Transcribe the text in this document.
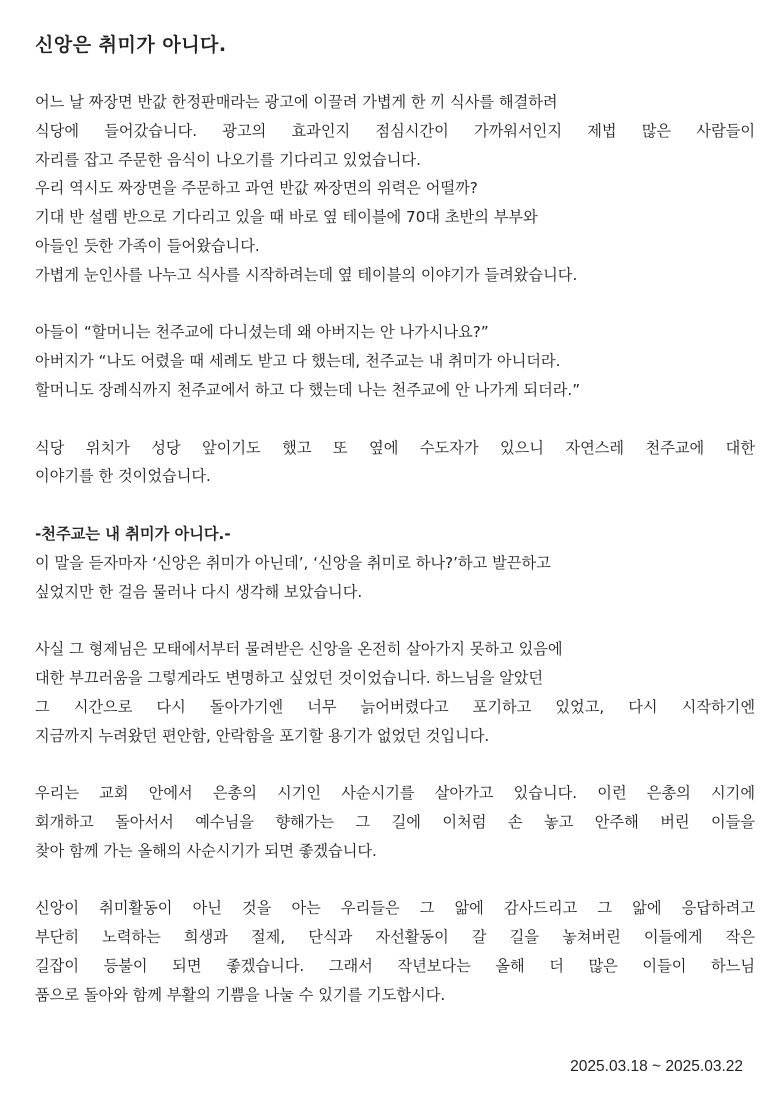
신앙은 취미가 아니다.
어느 날 짜장면 반값 한정판매라는 광고에 이끌려 가볍게 한 끼 식사를 해결하려
식당에 들어갔습니다. 광고의 효과인지 점심시간이 가까워서인지 제법 많은 사람들이
자리를 잡고 주문한 음식이 나오기를 기다리고 있었습니다.
우리 역시도 짜장면을 주문하고 과연 반값 짜장면의 위력은 어떨까?
기대 반 설렘 반으로 기다리고 있을 때 바로 옆 테이블에 70대 초반의 부부와
아들인 듯한 가족이 들어왔습니다.
가볍게 눈인사를 나누고 식사를 시작하려는데 옆 테이블의 이야기가 들려왔습니다.
아들이 “할머니는 천주교에 다니셨는데 왜 아버지는 안 나가시나요?”
아버지가 “나도 어렸을 때 세례도 받고 다 했는데, 천주교는 내 취미가 아니더라.
할머니도 장례식까지 천주교에서 하고 다 했는데 나는 천주교에 안 나가게 되더라.”
식당 위치가 성당 앞이기도 했고 또 옆에 수도자가 있으니 자연스레 천주교에 대한
이야기를 한 것이었습니다.
-천주교는 내 취미가 아니다.-
이 말을 듣자마자 ‘신앙은 취미가 아닌데’, ‘신앙을 취미로 하나?’하고 발끈하고
싶었지만 한 걸음 물러나 다시 생각해 보았습니다.
사실 그 형제님은 모태에서부터 물려받은 신앙을 온전히 살아가지 못하고 있음에
대한 부끄러움을 그렇게라도 변명하고 싶었던 것이었습니다. 하느님을 알았던
그 시간으로 다시 돌아가기엔 너무 늙어버렸다고 포기하고 있었고, 다시 시작하기엔
지금까지 누려왔던 편안함, 안락함을 포기할 용기가 없었던 것입니다.
우리는 교회 안에서 은총의 시기인 사순시기를 살아가고 있습니다. 이런 은총의 시기에
회개하고 돌아서서 예수님을 향해가는 그 길에 이처럼 손 놓고 안주해 버린 이들을
찾아 함께 가는 올해의 사순시기가 되면 좋겠습니다.
신앙이 취미활동이 아닌 것을 아는 우리들은 그 앎에 감사드리고 그 앎에 응답하려고
부단히 노력하는 희생과 절제, 단식과 자선활동이 갈 길을 놓쳐버린 이들에게 작은
길잡이 등불이 되면 좋겠습니다. 그래서 작년보다는 올해 더 많은 이들이 하느님
품으로 돌아와 함께 부활의 기쁨을 나눌 수 있기를 기도합시다.
2025.03.18 ~ 2025.03.22
